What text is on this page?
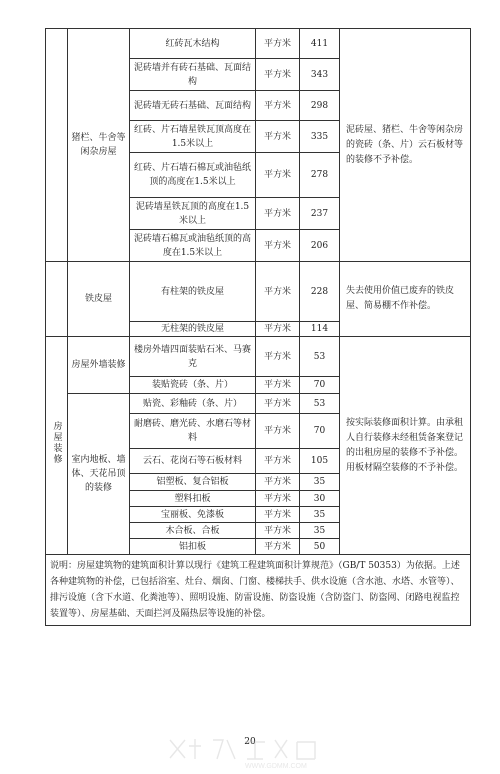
	猪栏、牛舍等闲杂房屋	红砖瓦木结构	平方米	411	泥砖屋、猪栏、牛舍等闲杂房的瓷砖（条、片）云石板材等的装修不予补偿。
		泥砖墙并有砖石基础、瓦面结构	平方米	343	
		泥砖墙无砖石基础、瓦面结构	平方米	298	
		红砖、片石墙星铁瓦顶高度在1.5米以上	平方米	335	
		红砖、片石墙石棉瓦或油毡纸顶的高度在1.5米以上	平方米	278	
		泥砖墙星铁瓦顶的高度在1.5米以上	平方米	237	
		泥砖墙石棉瓦或油毡纸顶的高度在1.5米以上	平方米	206	
	铁皮屋	有柱架的铁皮屋	平方米	228	失去使用价值已废弃的铁皮屋、简易棚不作补偿。
		无柱架的铁皮屋	平方米	114	
房屋装修	房屋外墙装修	楼房外墙四面装贴石米、马赛克	平方米	53	按实际装修面积计算。由承租人自行装修未经租赁备案登记的出租房屋的装修不予补偿。用板材隔空装修的不予补偿。
		装贴瓷砖（条、片）	平方米	70	
	室内地板、墙体、天花吊顶的装修	贴瓷、彩釉砖（条、片）	平方米	53	
		耐磨砖、磨光砖、水磨石等材料	平方米	70	
		云石、花岗石等石板材料	平方米	105	
		铝塑板、复合铝板	平方米	35	
		塑料扣板	平方米	30	
		宝丽板、免漆板	平方米	35	
		木合板、合板	平方米	35	
		铝扣板	平方米	50	
说明：房屋建筑物的建筑面积计算以现行《建筑工程建筑面积计算规范》（GB/T 50353）为依据。上述各种建筑物的补偿，已包括浴室、灶台、烟囱、门窗、楼梯扶手、供水设施（含水池、水塔、水管等）、排污设施（含下水道、化粪池等）、照明设施、防雷设施、防盗设施（含防盗门、防盗网、闭路电视监控装置等）、房屋基础、天面拦河及隔热层等设施的补偿。					
20
WWW.GDMM.COM
